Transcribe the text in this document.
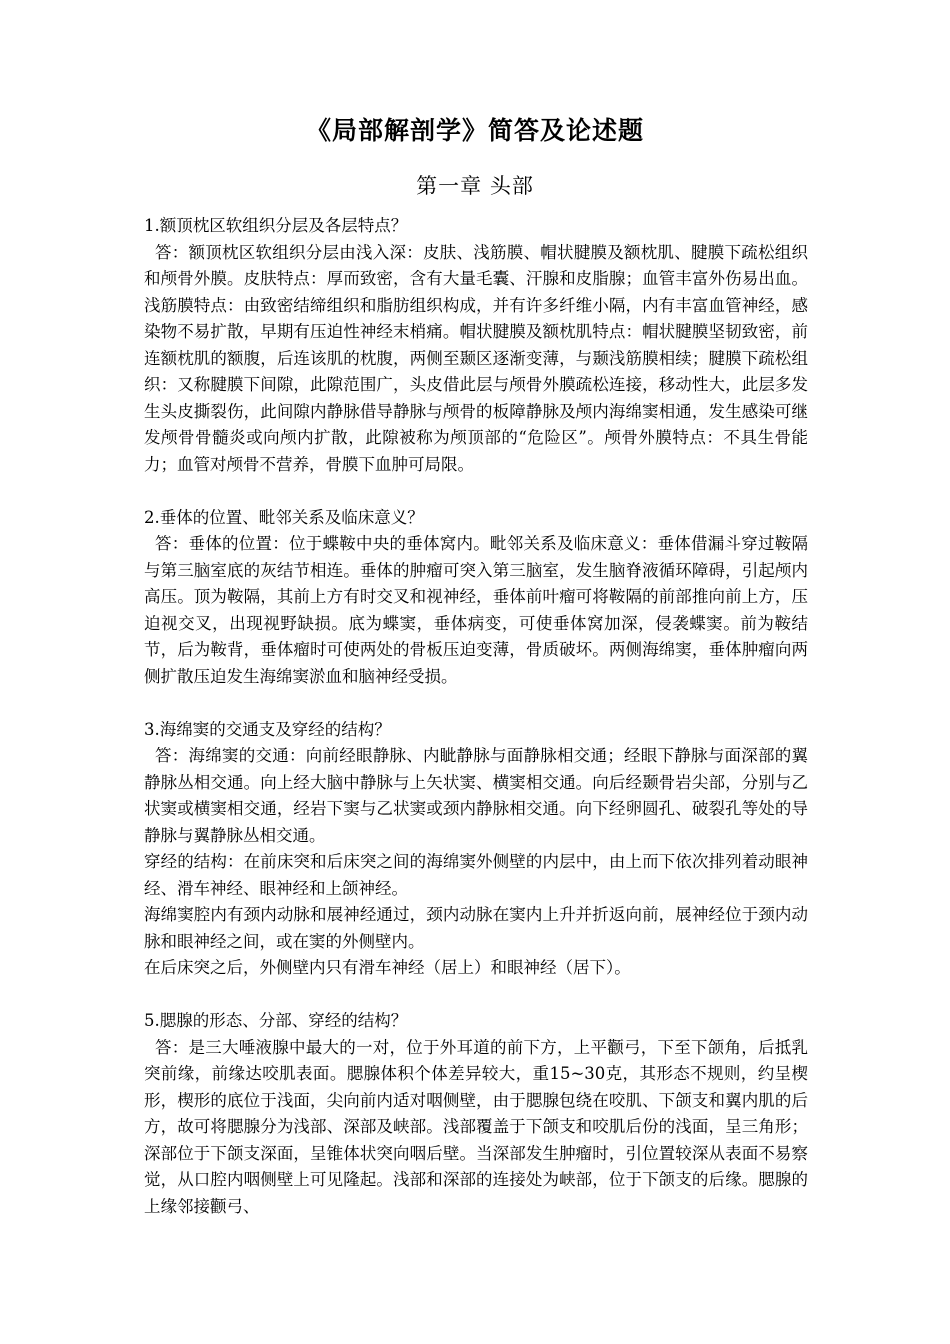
《局部解剖学》简答及论述题
第一章 头部

1.额顶枕区软组织分层及各层特点？

答：额顶枕区软组织分层由浅入深：皮肤、浅筋膜、帽状腱膜及额枕肌、腱膜下疏松组织和颅骨外膜。皮肤特点：厚而致密，含有大量毛囊、汗腺和皮脂腺；血管丰富外伤易出血。浅筋膜特点：由致密结缔组织和脂肪组织构成，并有许多纤维小隔，内有丰富血管神经，感染物不易扩散，早期有压迫性神经末梢痛。帽状腱膜及额枕肌特点：帽状腱膜坚韧致密，前连额枕肌的额腹，后连该肌的枕腹，两侧至颞区逐渐变薄，与颞浅筋膜相续；腱膜下疏松组织：又称腱膜下间隙，此隙范围广，头皮借此层与颅骨外膜疏松连接，移动性大，此层多发生头皮撕裂伤，此间隙内静脉借导静脉与颅骨的板障静脉及颅内海绵窦相通，发生感染可继发颅骨骨髓炎或向颅内扩散，此隙被称为颅顶部的“危险区”。颅骨外膜特点：不具生骨能力；血管对颅骨不营养，骨膜下血肿可局限。

2.垂体的位置、毗邻关系及临床意义？

答：垂体的位置：位于蝶鞍中央的垂体窝内。毗邻关系及临床意义：垂体借漏斗穿过鞍隔与第三脑室底的灰结节相连。垂体的肿瘤可突入第三脑室，发生脑脊液循环障碍，引起颅内高压。顶为鞍隔，其前上方有时交叉和视神经，垂体前叶瘤可将鞍隔的前部推向前上方，压迫视交叉，出现视野缺损。底为蝶窦，垂体病变，可使垂体窝加深，侵袭蝶窦。前为鞍结节，后为鞍背，垂体瘤时可使两处的骨板压迫变薄，骨质破坏。两侧海绵窦，垂体肿瘤向两侧扩散压迫发生海绵窦淤血和脑神经受损。

3.海绵窦的交通支及穿经的结构？

答：海绵窦的交通：向前经眼静脉、内眦静脉与面静脉相交通；经眼下静脉与面深部的翼静脉丛相交通。向上经大脑中静脉与上矢状窦、横窦相交通。向后经颞骨岩尖部，分别与乙状窦或横窦相交通，经岩下窦与乙状窦或颈内静脉相交通。向下经卵圆孔、破裂孔等处的导静脉与翼静脉丛相交通。

穿经的结构：在前床突和后床突之间的海绵窦外侧壁的内层中，由上而下依次排列着动眼神经、滑车神经、眼神经和上颌神经。

海绵窦腔内有颈内动脉和展神经通过，颈内动脉在窦内上升并折返向前，展神经位于颈内动脉和眼神经之间，或在窦的外侧壁内。

在后床突之后，外侧壁内只有滑车神经（居上）和眼神经（居下）。

5.腮腺的形态、分部、穿经的结构？

答：是三大唾液腺中最大的一对，位于外耳道的前下方，上平颧弓，下至下颌角，后抵乳突前缘，前缘达咬肌表面。腮腺体积个体差异较大，重15~30克，其形态不规则，约呈楔形，楔形的底位于浅面，尖向前内适对咽侧壁，由于腮腺包绕在咬肌、下颌支和翼内肌的后方，故可将腮腺分为浅部、深部及峡部。浅部覆盖于下颌支和咬肌后份的浅面，呈三角形；深部位于下颌支深面，呈锥体状突向咽后壁。当深部发生肿瘤时，引位置较深从表面不易察觉，从口腔内咽侧壁上可见隆起。浅部和深部的连接处为峡部，位于下颌支的后缘。腮腺的上缘邻接颧弓、
